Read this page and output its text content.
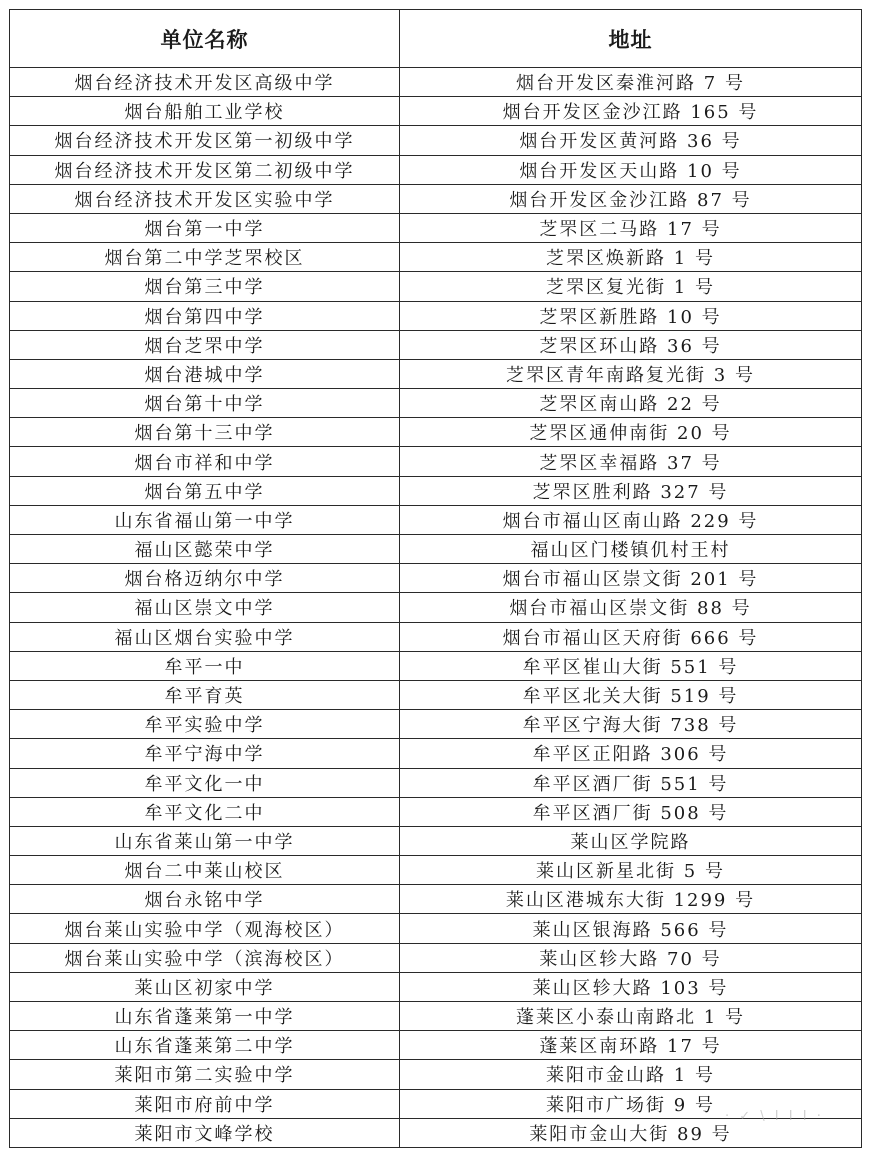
单位名称	地址
烟台经济技术开发区高级中学	烟台开发区秦淮河路 7 号
烟台船舶工业学校	烟台开发区金沙江路 165 号
烟台经济技术开发区第一初级中学	烟台开发区黄河路 36 号
烟台经济技术开发区第二初级中学	烟台开发区天山路 10 号
烟台经济技术开发区实验中学	烟台开发区金沙江路 87 号
烟台第一中学	芝罘区二马路 17 号
烟台第二中学芝罘校区	芝罘区焕新路 1 号
烟台第三中学	芝罘区复光街 1 号
烟台第四中学	芝罘区新胜路 10 号
烟台芝罘中学	芝罘区环山路 36 号
烟台港城中学	芝罘区青年南路复光街 3 号
烟台第十中学	芝罘区南山路 22 号
烟台第十三中学	芝罘区通伸南街 20 号
烟台市祥和中学	芝罘区幸福路 37 号
烟台第五中学	芝罘区胜利路 327 号
山东省福山第一中学	烟台市福山区南山路 229 号
福山区懿荣中学	福山区门楼镇仉村王村
烟台格迈纳尔中学	烟台市福山区崇文街 201 号
福山区崇文中学	烟台市福山区崇文街 88 号
福山区烟台实验中学	烟台市福山区天府街 666 号
牟平一中	牟平区崔山大街 551 号
牟平育英	牟平区北关大街 519 号
牟平实验中学	牟平区宁海大街 738 号
牟平宁海中学	牟平区正阳路 306 号
牟平文化一中	牟平区酒厂街 551 号
牟平文化二中	牟平区酒厂街 508 号
山东省莱山第一中学	莱山区学院路
烟台二中莱山校区	莱山区新星北街 5 号
烟台永铭中学	莱山区港城东大街 1299 号
烟台莱山实验中学（观海校区）	莱山区银海路 566 号
烟台莱山实验中学（滨海校区）	莱山区轸大路 70 号
莱山区初家中学	莱山区轸大路 103 号
山东省蓬莱第一中学	蓬莱区小泰山南路北 1 号
山东省蓬莱第二中学	蓬莱区南环路 17 号
莱阳市第二实验中学	莱阳市金山路 1 号
莱阳市府前中学	莱阳市广场街 9 号
莱阳市文峰学校	莱阳市金山大街 89 号
· ✓ \ I I I ·
